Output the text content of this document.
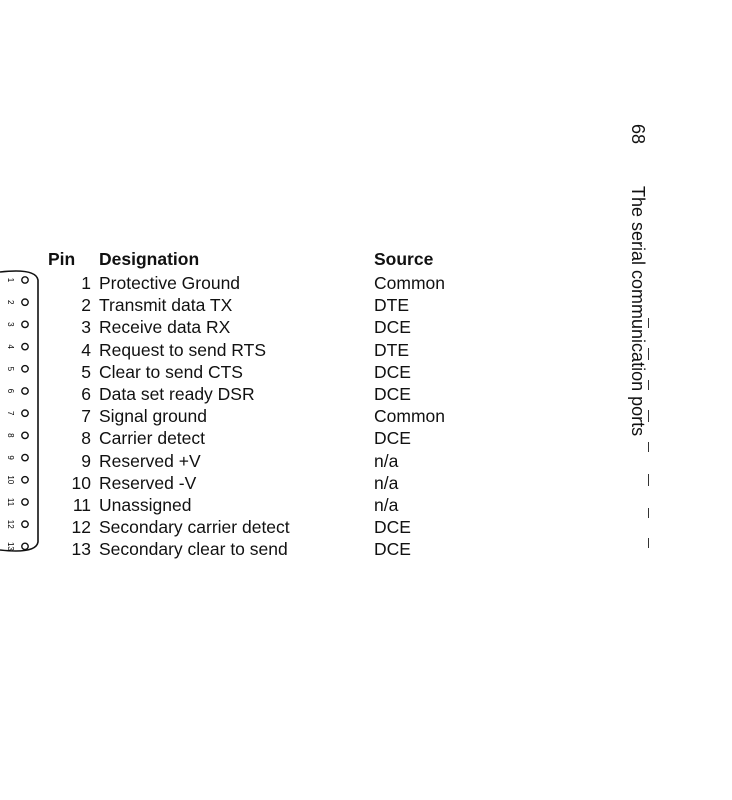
1
2
3
4
5
6
7
8
9
10
11
12
13
Pin	Designation	Source
1 Protective Ground	Common
2 Transmit data TX	DTE
3 Receive data RX	DCE
4 Request to send RTS	DTE
5 Clear to send CTS	DCE
6 Data set ready DSR	DCE
7 Signal ground	Common
8 Carrier detect	DCE
9 Reserved +V	n/a
10 Reserved -V	n/a
11 Unassigned	n/a
12 Secondary carrier detect	DCE
13 Secondary clear to send	DCE
68
The serial communication ports
